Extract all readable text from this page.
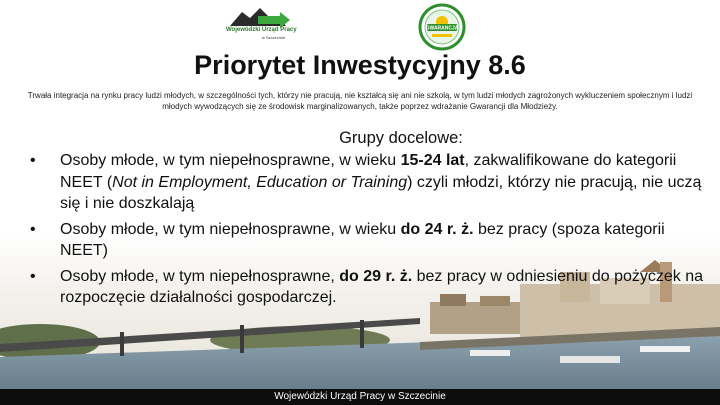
Wojewódzki Urząd Pracy
w Szczecinie
GWARANCJA
Priorytet Inwestycyjny 8.6

Trwała integracja na rynku pracy ludzi młodych, w szczególności tych, którzy nie pracują, nie kształcą się ani nie szkolą, w tym ludzi młodych zagrożonych wykluczeniem społecznym i ludzi młodych wywodzących się ze środowisk marginalizowanych, także poprzez wdrażanie Gwarancji dla Młodzieży.

Grupy docelowe:

• Osoby młode, w tym niepełnosprawne, w wieku 15-24 lat, zakwalifikowane do kategorii NEET (Not in Employment, Education or Training) czyli młodzi, którzy nie pracują, nie uczą się i nie doszkalają
• Osoby młode, w tym niepełnosprawne, w wieku do 24 r. ż. bez pracy (spoza kategorii NEET)
• Osoby młode, w tym niepełnosprawne, do 29 r. ż. bez pracy w odniesieniu do pożyczek na rozpoczęcie działalności gospodarczej.
Wojewódzki Urząd Pracy w Szczecinie
